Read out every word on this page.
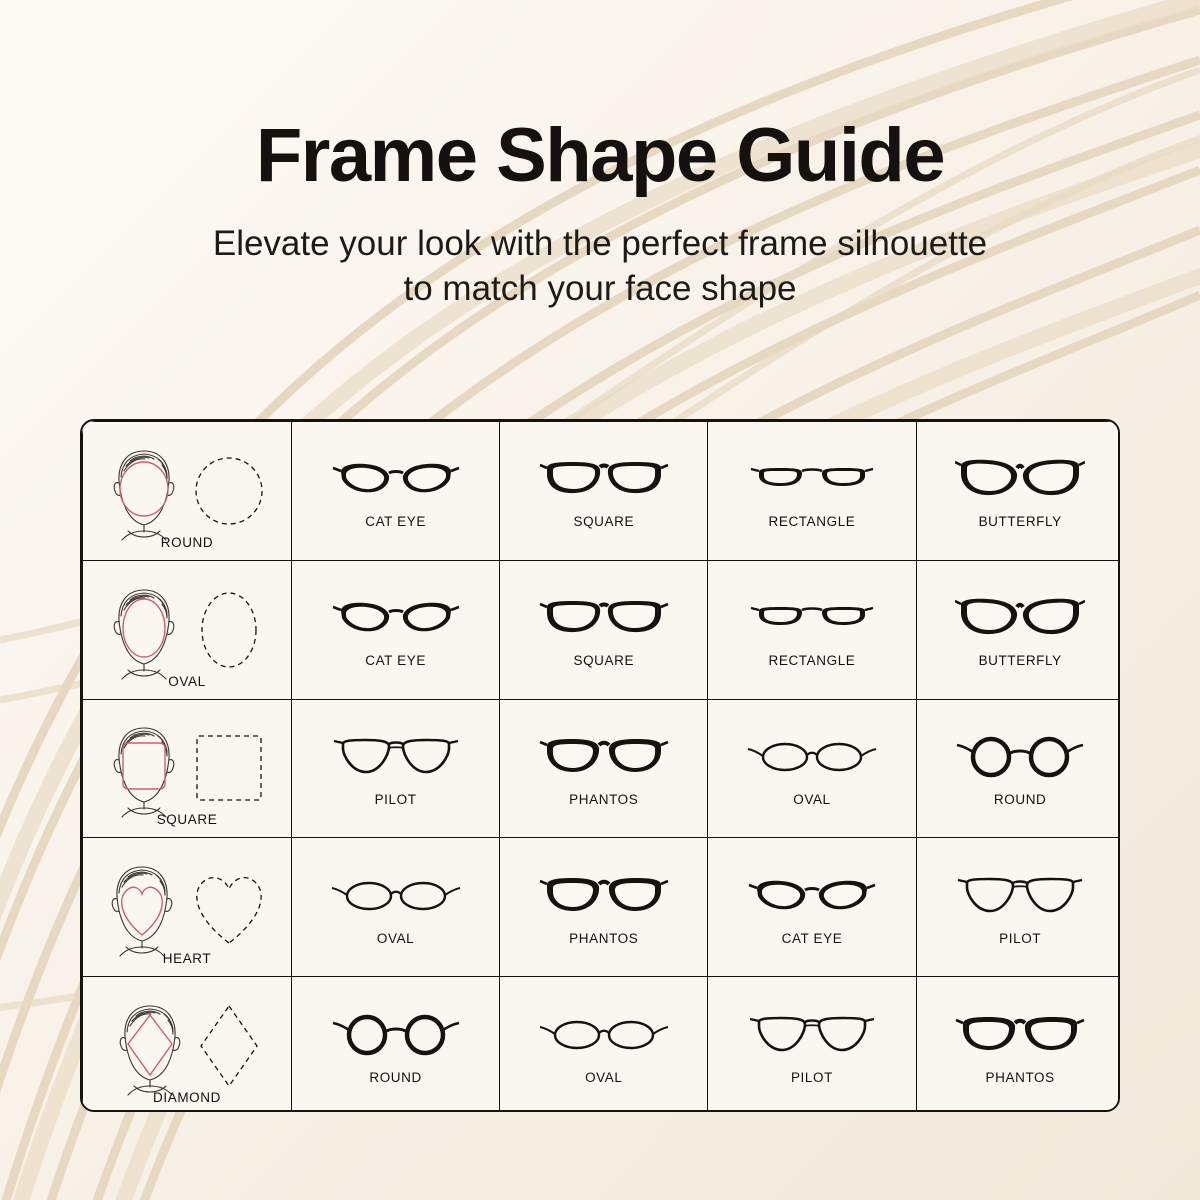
Frame Shape Guide
Elevate your look with the perfect frame silhouette
to match your face shape
ROUND	CAT EYE	SQUARE	RECTANGLE	BUTTERFLY

OVAL	CAT EYE	SQUARE	RECTANGLE	BUTTERFLY

SQUARE	PILOT	PHANTOS	OVAL	ROUND

HEART	OVAL	PHANTOS	CAT EYE	PILOT

DIAMOND	ROUND	OVAL	PILOT	PHANTOS
